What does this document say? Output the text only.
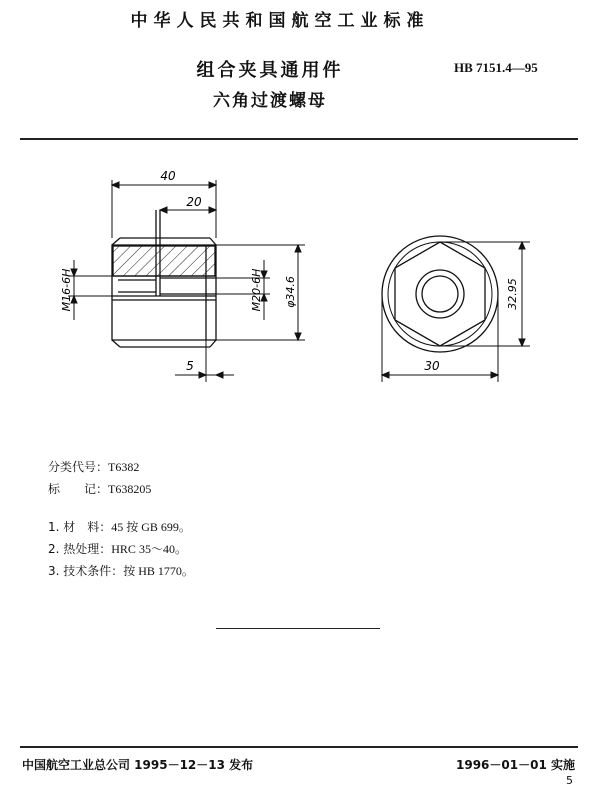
中华人民共和国航空工业标准
组合夹具通用件
六角过渡螺母
HB 7151.4—95
40
20
M16-6H	M20-6H φ34.6
5
32.95
30
分类代号：T6382
标　　记：T638205
1. 材　料：45 按 GB 699。
2. 热处理：HRC 35～40。
3. 技术条件：按 HB 1770。
中国航空工业总公司 1995－12－13 发布	1996－01－01 实施
5
